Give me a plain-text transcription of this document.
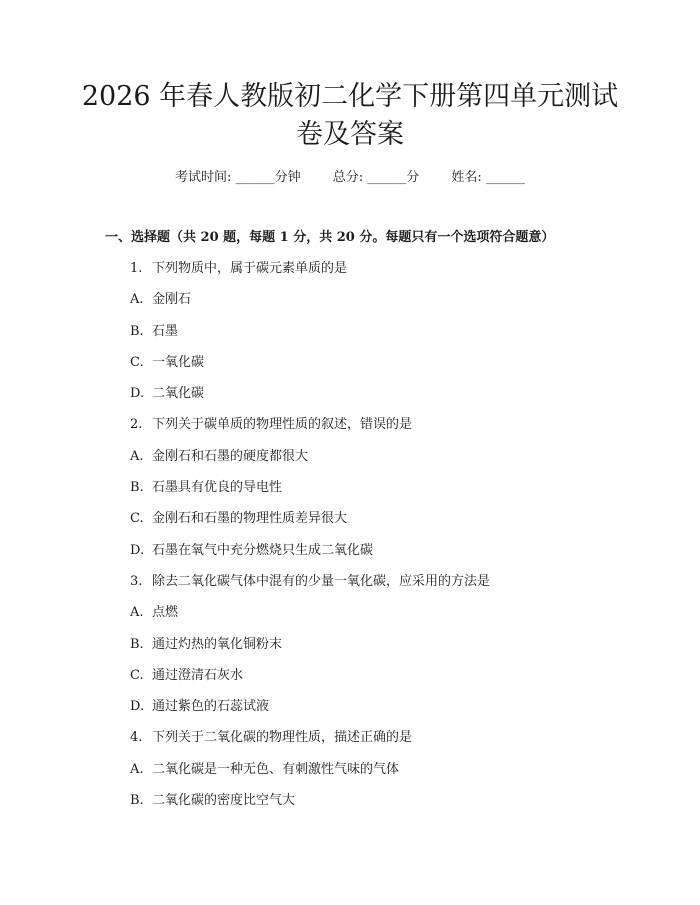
2026 年春人教版初二化学下册第四单元测试
卷及答案
考试时间: ______分钟 总分: ______分 姓名: ______
一、选择题（共 20 题，每题 1 分，共 20 分。每题只有一个选项符合题意）
1. 下列物质中，属于碳元素单质的是
A. 金刚石
B. 石墨
C. 一氧化碳
D. 二氧化碳
2. 下列关于碳单质的物理性质的叙述，错误的是
A. 金刚石和石墨的硬度都很大
B. 石墨具有优良的导电性
C. 金刚石和石墨的物理性质差异很大
D. 石墨在氧气中充分燃烧只生成二氧化碳
3. 除去二氧化碳气体中混有的少量一氧化碳，应采用的方法是
A. 点燃
B. 通过灼热的氧化铜粉末
C. 通过澄清石灰水
D. 通过紫色的石蕊试液
4. 下列关于二氧化碳的物理性质，描述正确的是
A. 二氧化碳是一种无色、有刺激性气味的气体
B. 二氧化碳的密度比空气大
